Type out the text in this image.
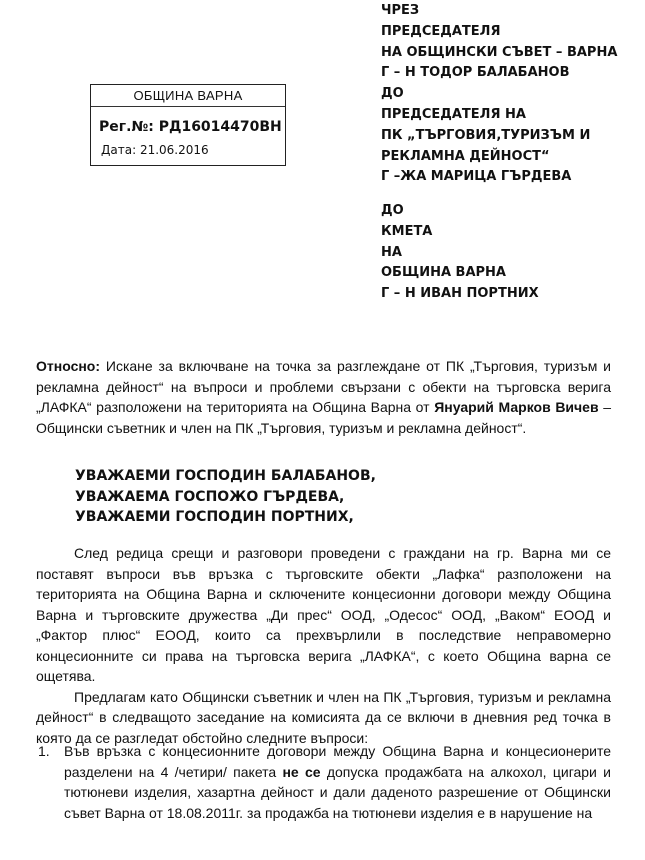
ОБЩИНА ВАРНА
Рег.№: РД16014470ВН
Дата: 21.06.2016
ЧРЕЗ
ПРЕДСЕДАТЕЛЯ
НА ОБЩИНСКИ СЪВЕТ – ВАРНА
Г – Н ТОДОР БАЛАБАНОВ
ДО
ПРЕДСЕДАТЕЛЯ НА
ПК „ТЪРГОВИЯ,ТУРИЗЪМ И
РЕКЛАМНА ДЕЙНОСТ“
Г –ЖА МАРИЦА ГЪРДЕВА
ДО
КМЕТА
НА
ОБЩИНА ВАРНА
Г – Н ИВАН ПОРТНИХ
Относно: Искане за включване на точка за разглеждане от ПК „Търговия, туризъм и рекламна дейност“ на въпроси и проблеми свързани с обекти на търговска верига „ЛАФКА“ разположени на територията на Община Варна от Януарий Марков Вичев – Общински съветник и член на ПК „Търговия, туризъм и рекламна дейност“.
УВАЖАЕМИ ГОСПОДИН БАЛАБАНОВ,
УВАЖАЕМА ГОСПОЖО ГЪРДЕВА,
УВАЖАЕМИ ГОСПОДИН ПОРТНИХ,

След редица срещи и разговори проведени с граждани на гр. Варна ми се поставят въпроси във връзка с търговските обекти „Лафка“ разположени на територията на Община Варна и сключените концесионни договори между Община Варна и търговските дружества „Ди прес“ ООД, „Одесос“ ООД, „Ваком“ ЕООД и „Фактор плюс“ ЕООД, които са прехвърлили в последствие неправомерно концесионните си права на търговска верига „ЛАФКА“, с което Община варна се ощетява.

Предлагам като Общински съветник и член на ПК „Търговия, туризъм и рекламна дейност“ в следващото заседание на комисията да се включи в дневния ред точка в която да се разгледат обстойно следните въпроси:

1. Във връзка с концесионните договори между Община Варна и концесионерите разделени на 4 /четири/ пакета не се допуска продажбата на алкохол, цигари и тютюневи изделия, хазартна дейност и дали даденото разрешение от Общински съвет Варна от 18.08.2011г. за продажба на тютюневи изделия е в нарушение на
